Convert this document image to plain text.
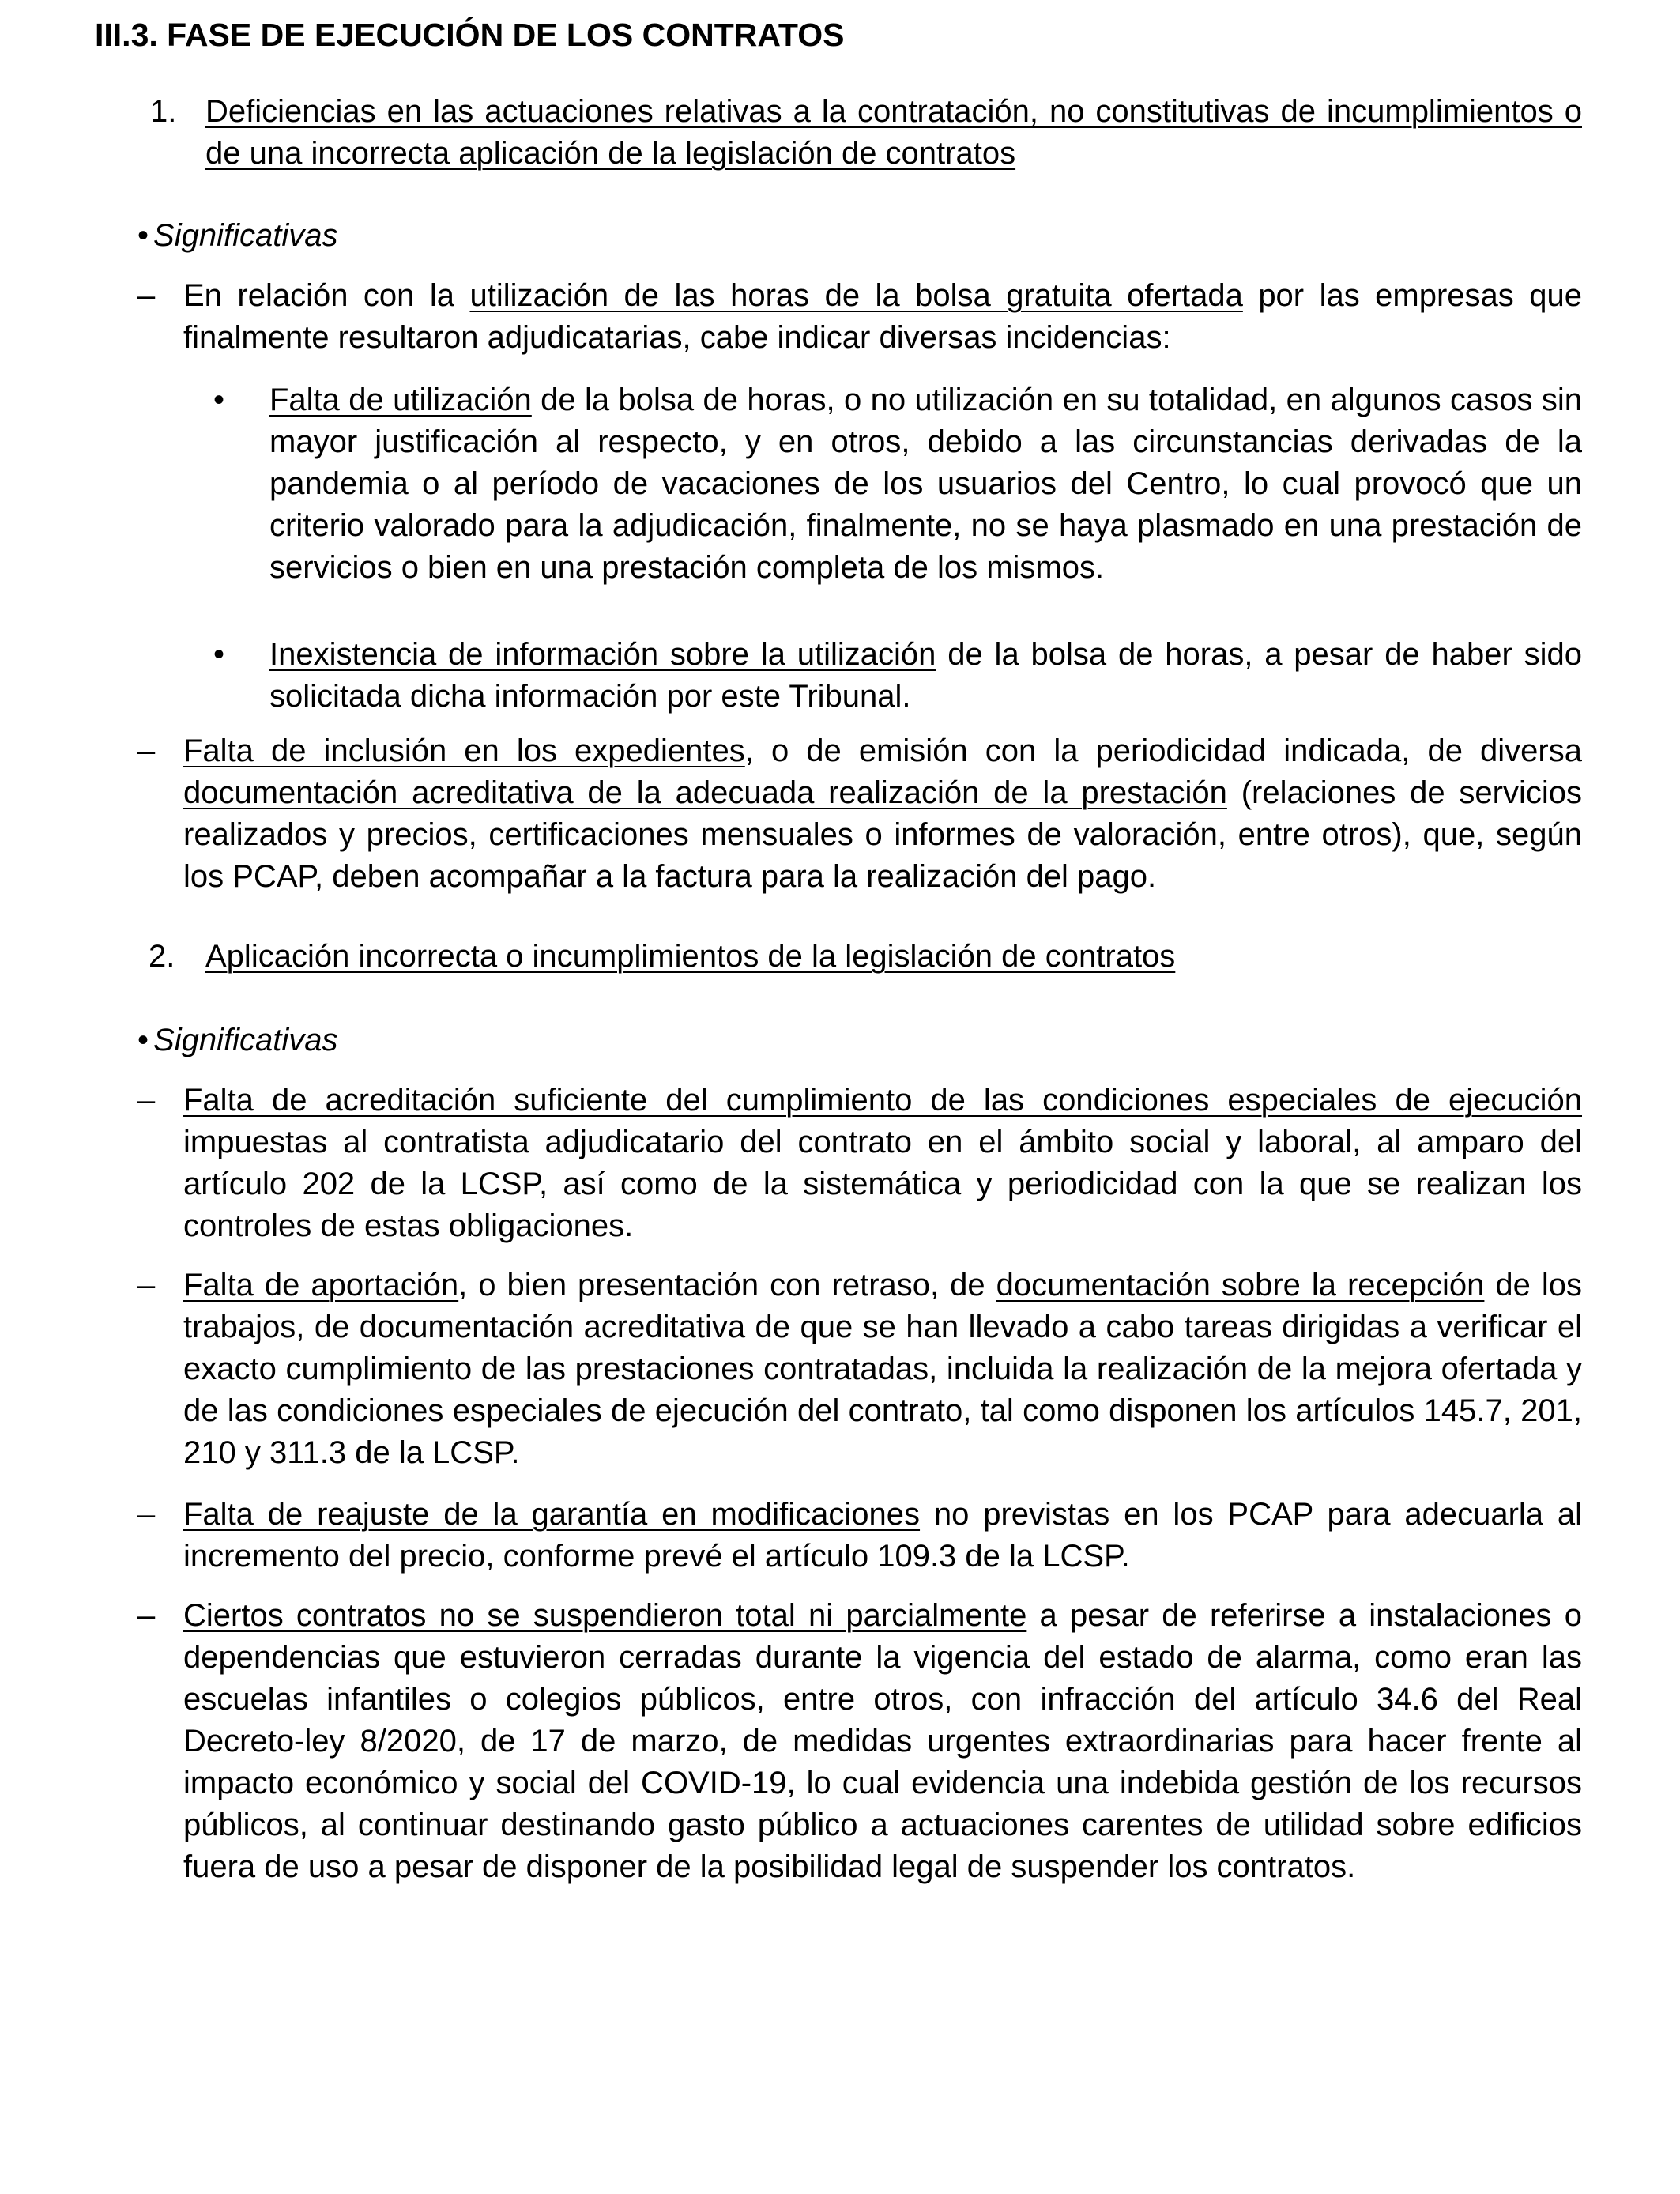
III.3. FASE DE EJECUCIÓN DE LOS CONTRATOS
1. Deficiencias en las actuaciones relativas a la contratación, no constitutivas de incumplimientos o de una incorrecta aplicación de la legislación de contratos
• Significativas
– En relación con la utilización de las horas de la bolsa gratuita ofertada por las empresas que finalmente resultaron adjudicatarias, cabe indicar diversas incidencias:
• Falta de utilización de la bolsa de horas, o no utilización en su totalidad, en algunos casos sin mayor justificación al respecto, y en otros, debido a las circunstancias derivadas de la pandemia o al período de vacaciones de los usuarios del Centro, lo cual provocó que un criterio valorado para la adjudicación, finalmente, no se haya plasmado en una prestación de servicios o bien en una prestación completa de los mismos.
• Inexistencia de información sobre la utilización de la bolsa de horas, a pesar de haber sido solicitada dicha información por este Tribunal.
– Falta de inclusión en los expedientes, o de emisión con la periodicidad indicada, de diversa documentación acreditativa de la adecuada realización de la prestación (relaciones de servicios realizados y precios, certificaciones mensuales o informes de valoración, entre otros), que, según los PCAP, deben acompañar a la factura para la realización del pago.
2. Aplicación incorrecta o incumplimientos de la legislación de contratos
• Significativas
– Falta de acreditación suficiente del cumplimiento de las condiciones especiales de ejecución impuestas al contratista adjudicatario del contrato en el ámbito social y laboral, al amparo del artículo 202 de la LCSP, así como de la sistemática y periodicidad con la que se realizan los controles de estas obligaciones.
– Falta de aportación, o bien presentación con retraso, de documentación sobre la recepción de los trabajos, de documentación acreditativa de que se han llevado a cabo tareas dirigidas a verificar el exacto cumplimiento de las prestaciones contratadas, incluida la realización de la mejora ofertada y de las condiciones especiales de ejecución del contrato, tal como disponen los artículos 145.7, 201, 210 y 311.3 de la LCSP.
– Falta de reajuste de la garantía en modificaciones no previstas en los PCAP para adecuarla al incremento del precio, conforme prevé el artículo 109.3 de la LCSP.
– Ciertos contratos no se suspendieron total ni parcialmente a pesar de referirse a instalaciones o dependencias que estuvieron cerradas durante la vigencia del estado de alarma, como eran las escuelas infantiles o colegios públicos, entre otros, con infracción del artículo 34.6 del Real Decreto-ley 8/2020, de 17 de marzo, de medidas urgentes extraordinarias para hacer frente al impacto económico y social del COVID-19, lo cual evidencia una indebida gestión de los recursos públicos, al continuar destinando gasto público a actuaciones carentes de utilidad sobre edificios fuera de uso a pesar de disponer de la posibilidad legal de suspender los contratos.
